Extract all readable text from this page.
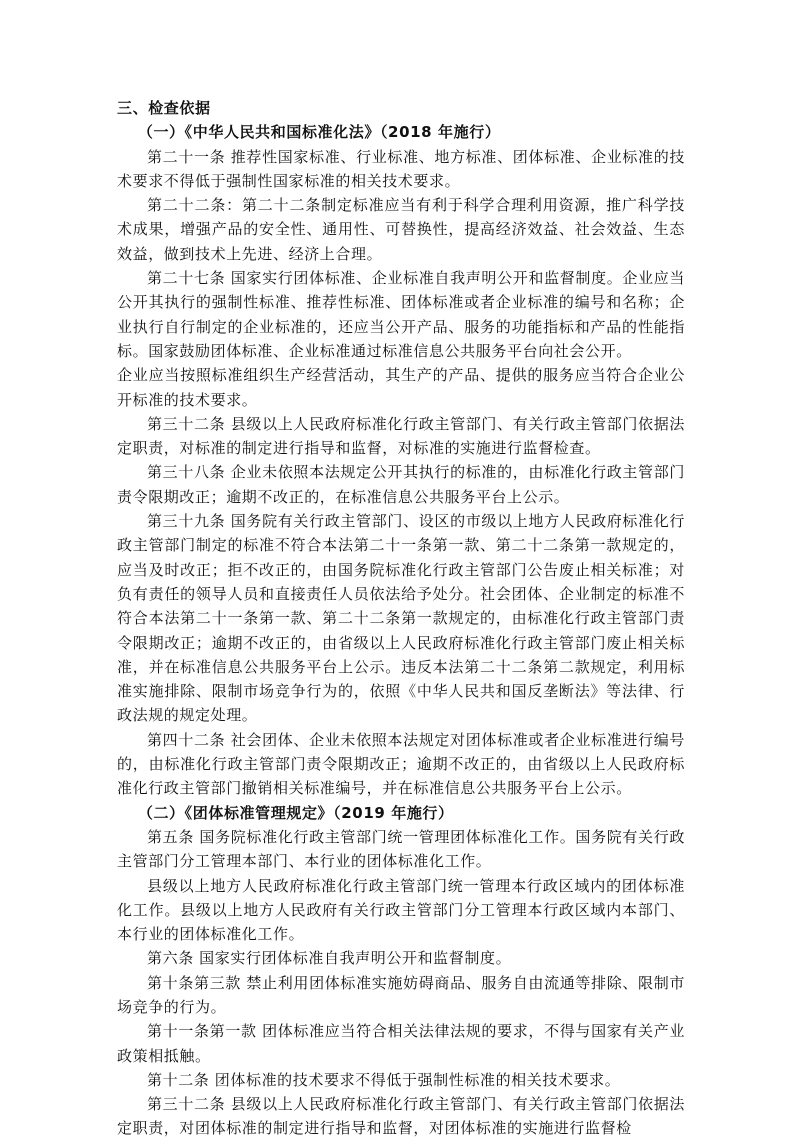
三、检查依据

（一）《中华人民共和国标准化法》（2018 年施行）

第二十一条 推荐性国家标准、行业标准、地方标准、团体标准、企业标准的技术要求不得低于强制性国家标准的相关技术要求。

第二十二条：第二十二条制定标准应当有利于科学合理利用资源，推广科学技术成果，增强产品的安全性、通用性、可替换性，提高经济效益、社会效益、生态效益，做到技术上先进、经济上合理。

第二十七条 国家实行团体标准、企业标准自我声明公开和监督制度。企业应当公开其执行的强制性标准、推荐性标准、团体标准或者企业标准的编号和名称；企业执行自行制定的企业标准的，还应当公开产品、服务的功能指标和产品的性能指标。国家鼓励团体标准、企业标准通过标准信息公共服务平台向社会公开。

企业应当按照标准组织生产经营活动，其生产的产品、提供的服务应当符合企业公开标准的技术要求。

第三十二条 县级以上人民政府标准化行政主管部门、有关行政主管部门依据法定职责，对标准的制定进行指导和监督，对标准的实施进行监督检查。

第三十八条 企业未依照本法规定公开其执行的标准的，由标准化行政主管部门责令限期改正；逾期不改正的，在标准信息公共服务平台上公示。

第三十九条 国务院有关行政主管部门、设区的市级以上地方人民政府标准化行政主管部门制定的标准不符合本法第二十一条第一款、第二十二条第一款规定的，应当及时改正；拒不改正的，由国务院标准化行政主管部门公告废止相关标准；对负有责任的领导人员和直接责任人员依法给予处分。社会团体、企业制定的标准不符合本法第二十一条第一款、第二十二条第一款规定的，由标准化行政主管部门责令限期改正；逾期不改正的，由省级以上人民政府标准化行政主管部门废止相关标准，并在标准信息公共服务平台上公示。违反本法第二十二条第二款规定，利用标准实施排除、限制市场竞争行为的，依照《中华人民共和国反垄断法》等法律、行政法规的规定处理。

第四十二条 社会团体、企业未依照本法规定对团体标准或者企业标准进行编号的，由标准化行政主管部门责令限期改正；逾期不改正的，由省级以上人民政府标准化行政主管部门撤销相关标准编号，并在标准信息公共服务平台上公示。

（二）《团体标准管理规定》（2019 年施行）

第五条 国务院标准化行政主管部门统一管理团体标准化工作。国务院有关行政主管部门分工管理本部门、本行业的团体标准化工作。

县级以上地方人民政府标准化行政主管部门统一管理本行政区域内的团体标准化工作。县级以上地方人民政府有关行政主管部门分工管理本行政区域内本部门、本行业的团体标准化工作。

第六条 国家实行团体标准自我声明公开和监督制度。

第十条第三款 禁止利用团体标准实施妨碍商品、服务自由流通等排除、限制市场竞争的行为。

第十一条第一款 团体标准应当符合相关法律法规的要求，不得与国家有关产业政策相抵触。

第十二条 团体标准的技术要求不得低于强制性标准的相关技术要求。

第三十二条 县级以上人民政府标准化行政主管部门、有关行政主管部门依据法定职责，对团体标准的制定进行指导和监督，对团体标准的实施进行监督检
